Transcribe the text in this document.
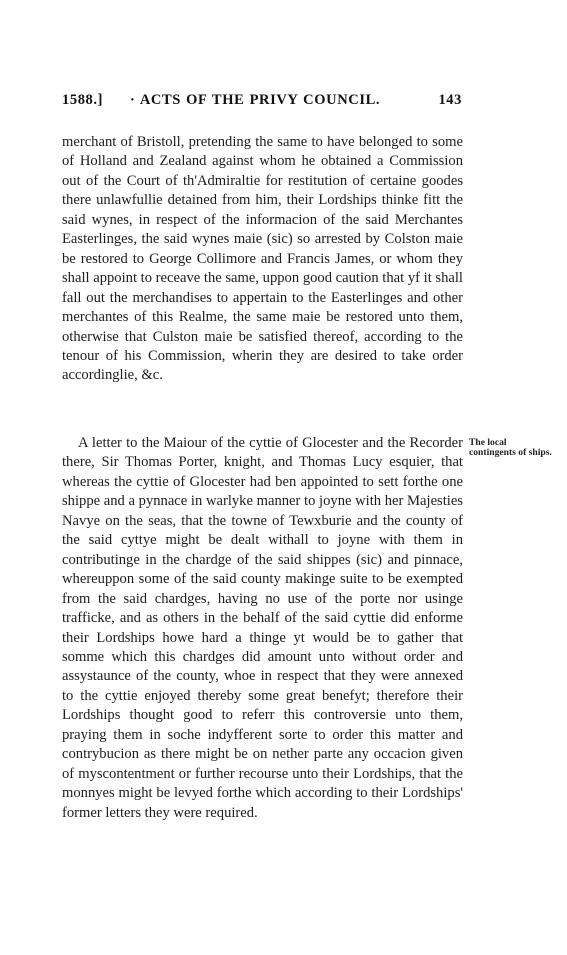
1588.] · ACTS OF THE PRIVY COUNCIL.	143

merchant of Bristoll, pretending the same to have belonged to some of Holland and Zealand against whom he obtained a Commission out of the Court of th'Admiraltie for restitution of certaine goodes there unlawfullie detained from him, their Lordships thinke fitt the said wynes, in respect of the informacion of the said Merchantes Easterlinges, the said wynes maie (sic) so arrested by Colston maie be restored to George Collimore and Francis James, or whom they shall appoint to receave the same, uppon good caution that yf it shall fall out the merchandises to appertain to the Easterlinges and other merchantes of this Realme, the same maie be restored unto them, otherwise that Culston maie be satisfied thereof, according to the tenour of his Commission, wherin they are desired to take order accordinglie, &c.

A letter to the Maiour of the cyttie of Glocester and the Recorder there, Sir Thomas Porter, knight, and Thomas Lucy esquier, that whereas the cyttie of Glocester had ben appointed to sett forthe one shippe and a pynnace in warlyke manner to joyne with her Majesties Navye on the seas, that the towne of Tewxburie and the county of the said cyttye might be dealt withall to joyne with them in contributinge in the chardge of the said shippes (sic) and pinnace, whereuppon some of the said county makinge suite to be exempted from the said chardges, having no use of the porte nor usinge trafficke, and as others in the behalf of the said cyttie did enforme their Lordships howe hard a thinge yt would be to gather that somme which this chardges did amount unto without order and assystaunce of the county, whoe in respect that they were annexed to the cyttie enjoyed thereby some great benefyt; therefore their Lordships thought good to referr this controversie unto them, praying them in soche indyfferent sorte to order this matter and contrybucion as there might be on nether parte any occacion given of myscontentment or further recourse unto their Lordships, that the monnyes might be levyed forthe which according to their Lordships' former letters they were required.

The local contingents of ships.
